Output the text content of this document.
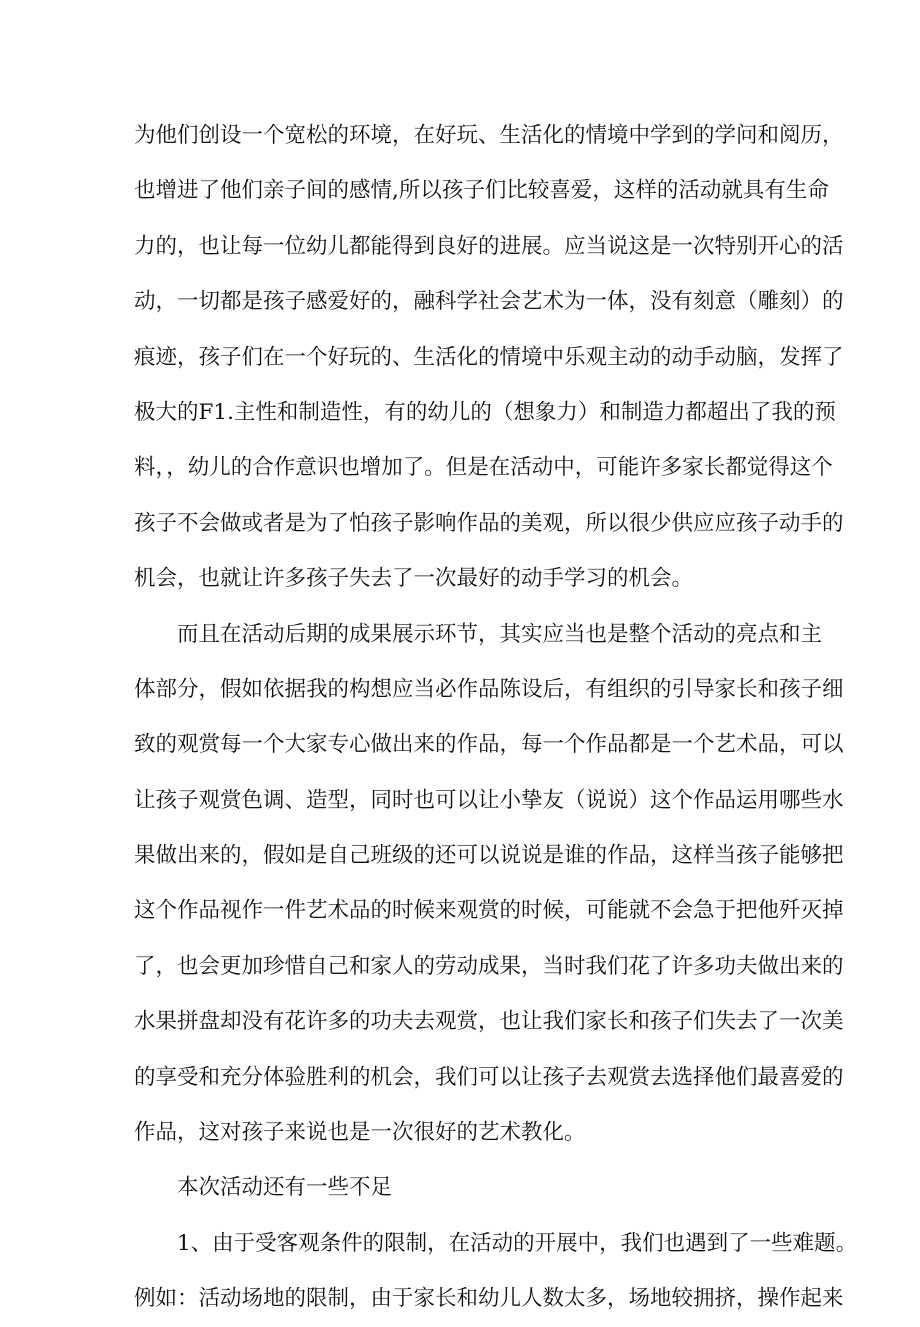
为他们创设一个宽松的环境，在好玩、生活化的情境中学到的学问和阅历，
也增进了他们亲子间的感情,所以孩子们比较喜爱，这样的活动就具有生命
力的，也让每一位幼儿都能得到良好的进展。应当说这是一次特别开心的活
动，一切都是孩子感爱好的，融科学社会艺术为一体，没有刻意（雕刻）的
痕迹，孩子们在一个好玩的、生活化的情境中乐观主动的动手动脑，发挥了
极大的F1.主性和制造性，有的幼儿的（想象力）和制造力都超出了我的预
料，，幼儿的合作意识也增加了。但是在活动中，可能许多家长都觉得这个
孩子不会做或者是为了怕孩子影响作品的美观，所以很少供应应孩子动手的
机会，也就让许多孩子失去了一次最好的动手学习的机会。
而且在活动后期的成果展示环节，其实应当也是整个活动的亮点和主
体部分，假如依据我的构想应当必作品陈设后，有组织的引导家长和孩子细
致的观赏每一个大家专心做出来的作品，每一个作品都是一个艺术品，可以
让孩子观赏色调、造型，同时也可以让小挚友（说说）这个作品运用哪些水
果做出来的，假如是自己班级的还可以说说是谁的作品，这样当孩子能够把
这个作品视作一件艺术品的时候来观赏的时候，可能就不会急于把他歼灭掉
了，也会更加珍惜自己和家人的劳动成果，当时我们花了许多功夫做出来的
水果拼盘却没有花许多的功夫去观赏，也让我们家长和孩子们失去了一次美
的享受和充分体验胜利的机会，我们可以让孩子去观赏去选择他们最喜爱的
作品，这对孩子来说也是一次很好的艺术教化。
本次活动还有一些不足
1、由于受客观条件的限制，在活动的开展中，我们也遇到了一些难题。
例如：活动场地的限制，由于家长和幼儿人数太多，场地较拥挤，操作起来
